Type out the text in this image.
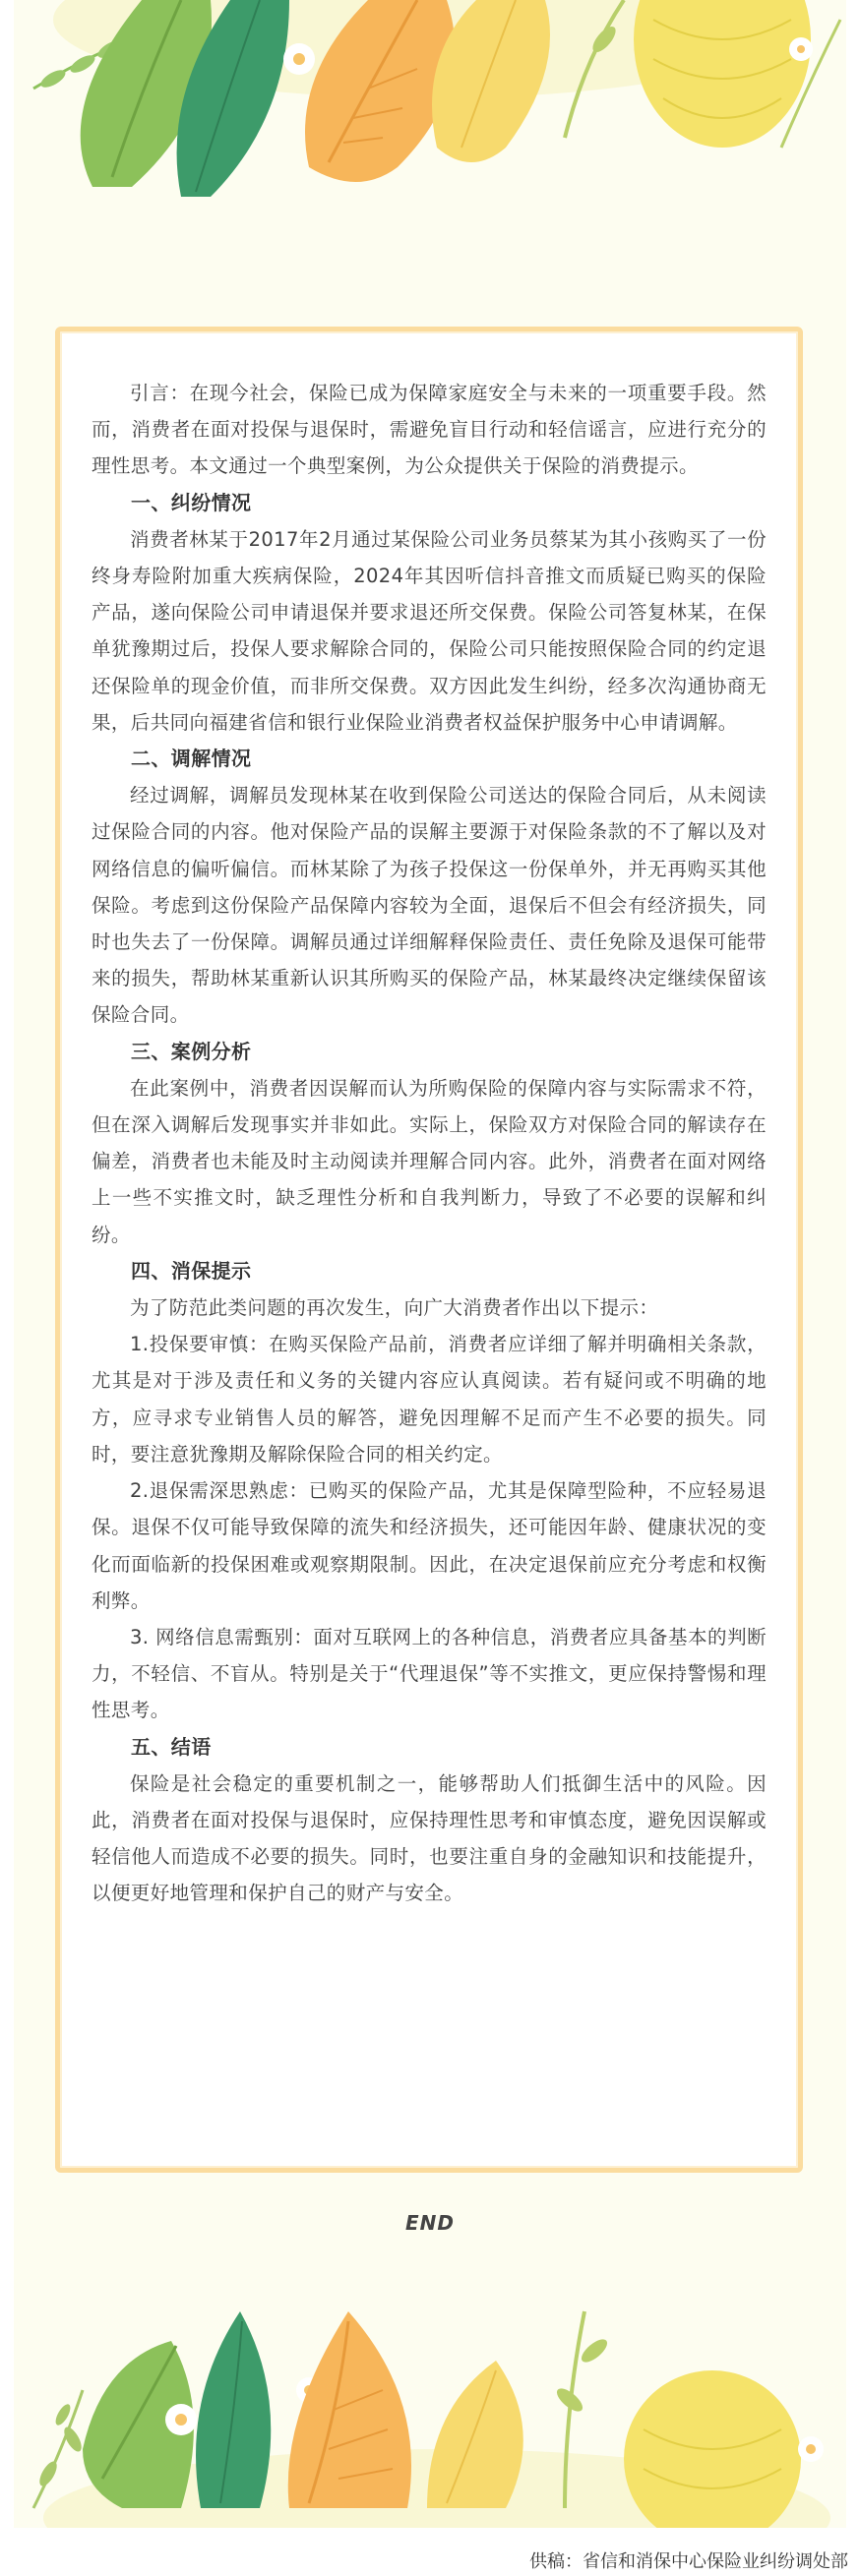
引言：在现今社会，保险已成为保障家庭安全与未来的一项重要手段。然而，消费者在面对投保与退保时，需避免盲目行动和轻信谣言，应进行充分的理性思考。本文通过一个典型案例，为公众提供关于保险的消费提示。

一、纠纷情况

消费者林某于2017年2月通过某保险公司业务员蔡某为其小孩购买了一份终身寿险附加重大疾病保险，2024年其因听信抖音推文而质疑已购买的保险产品，遂向保险公司申请退保并要求退还所交保费。保险公司答复林某，在保单犹豫期过后，投保人要求解除合同的，保险公司只能按照保险合同的约定退还保险单的现金价值，而非所交保费。双方因此发生纠纷，经多次沟通协商无果，后共同向福建省信和银行业保险业消费者权益保护服务中心申请调解。

二、调解情况

经过调解，调解员发现林某在收到保险公司送达的保险合同后，从未阅读过保险合同的内容。他对保险产品的误解主要源于对保险条款的不了解以及对网络信息的偏听偏信。而林某除了为孩子投保这一份保单外，并无再购买其他保险。考虑到这份保险产品保障内容较为全面，退保后不但会有经济损失，同时也失去了一份保障。调解员通过详细解释保险责任、责任免除及退保可能带来的损失，帮助林某重新认识其所购买的保险产品，林某最终决定继续保留该保险合同。

三、案例分析

在此案例中，消费者因误解而认为所购保险的保障内容与实际需求不符，但在深入调解后发现事实并非如此。实际上，保险双方对保险合同的解读存在偏差，消费者也未能及时主动阅读并理解合同内容。此外，消费者在面对网络上一些不实推文时，缺乏理性分析和自我判断力，导致了不必要的误解和纠纷。

四、消保提示

为了防范此类问题的再次发生，向广大消费者作出以下提示：

1.投保要审慎：在购买保险产品前，消费者应详细了解并明确相关条款，尤其是对于涉及责任和义务的关键内容应认真阅读。若有疑问或不明确的地方，应寻求专业销售人员的解答，避免因理解不足而产生不必要的损失。同时，要注意犹豫期及解除保险合同的相关约定。

2.退保需深思熟虑：已购买的保险产品，尤其是保障型险种，不应轻易退保。退保不仅可能导致保障的流失和经济损失，还可能因年龄、健康状况的变化而面临新的投保困难或观察期限制。因此，在决定退保前应充分考虑和权衡利弊。

3. 网络信息需甄别：面对互联网上的各种信息，消费者应具备基本的判断力，不轻信、不盲从。特别是关于“代理退保”等不实推文，更应保持警惕和理性思考。

五、结语

保险是社会稳定的重要机制之一，能够帮助人们抵御生活中的风险。因此，消费者在面对投保与退保时，应保持理性思考和审慎态度，避免因误解或轻信他人而造成不必要的损失。同时，也要注重自身的金融知识和技能提升，以便更好地管理和保护自己的财产与安全。

END
供稿：省信和消保中心保险业纠纷调处部
